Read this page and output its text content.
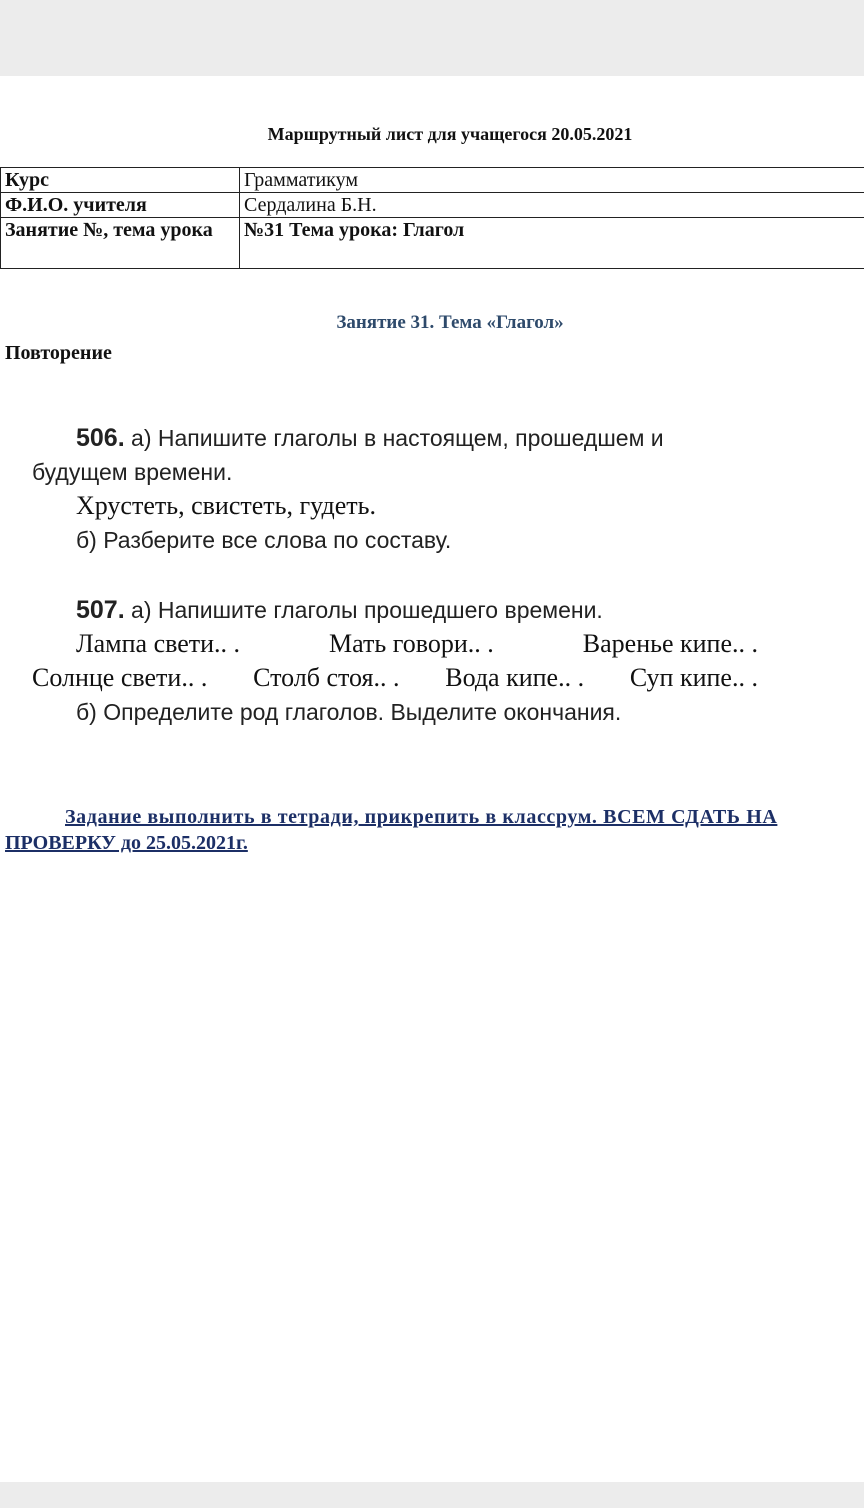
Маршрутный лист для учащегося 20.05.2021
Курс	Грамматикум
Ф.И.О. учителя	Сердалина Б.Н.
Занятие №, тема урока	№31 Тема урока: Глагол
Занятие 31. Тема «Глагол»
Повторение
506. а) Напишите глаголы в настоящем, прошедшем и
будущем времени.
Хрустеть, свистеть, гудеть.
б) Разберите все слова по составу.
507. а) Напишите глаголы прошедшего времени.
Лампа свети.. .	Мать говори.. .	Варенье кипе.. .
Солнце свети.. . Столб стоя.. . Вода кипе.. . Суп кипе.. .
б) Определите род глаголов. Выделите окончания.
Задание выполнить в тетради, прикрепить в классрум. ВСЕМ СДАТЬ НА
ПРОВЕРКУ до 25.05.2021г.
